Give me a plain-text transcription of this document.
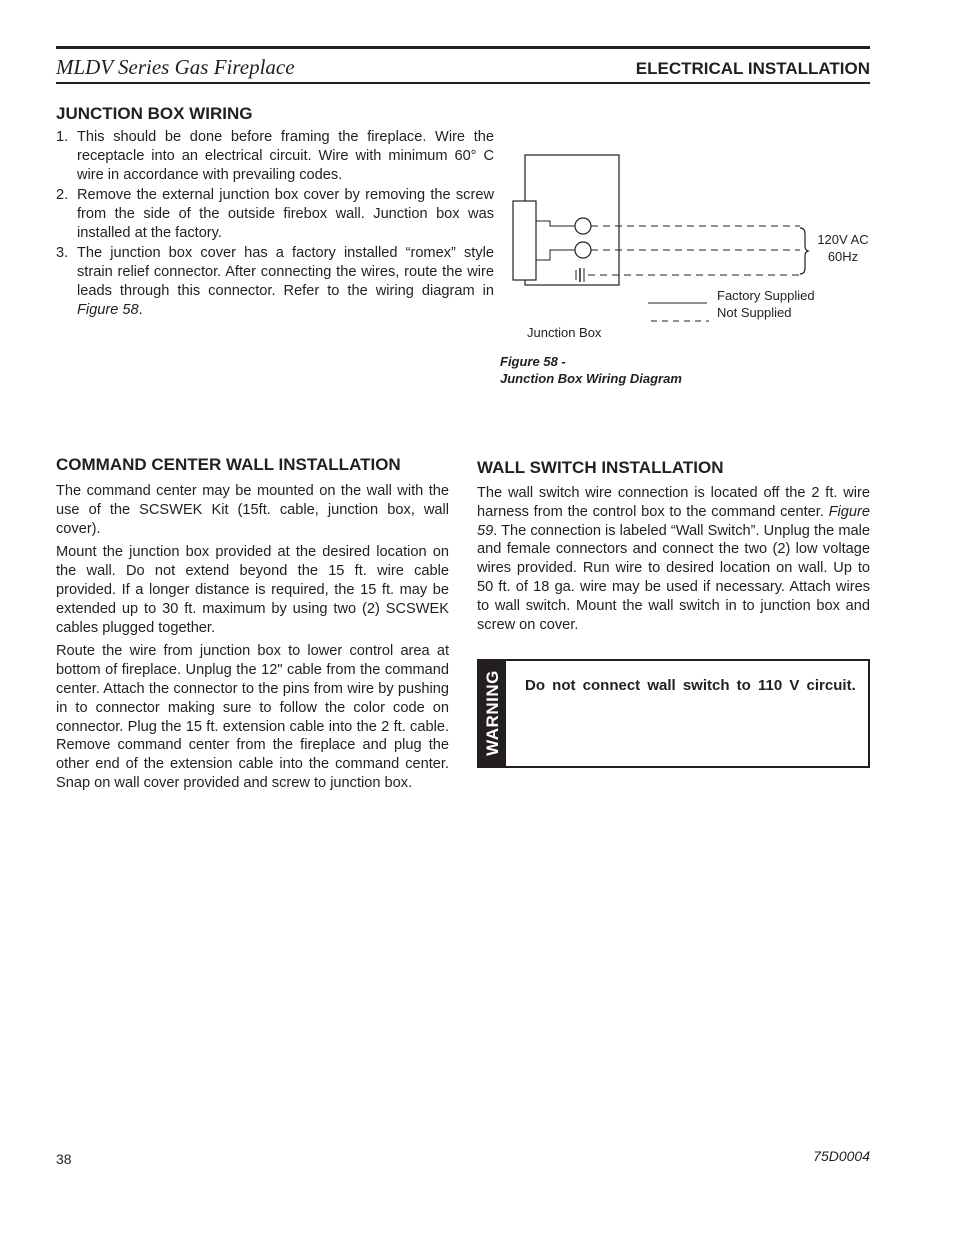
MLDV Series Gas Fireplace	ELECTRICAL INSTALLATION
JUNCTION BOX WIRING
1. This should be done before framing the fireplace. Wire the receptacle into an electrical circuit. Wire with minimum 60° C wire in accordance with prevailing codes.
2. Remove the external junction box cover by removing the screw from the side of the outside firebox wall. Junction box was installed at the factory.
3. The junction box cover has a factory installed “romex” style strain relief connector. After connecting the wires, route the wire leads through this connector. Refer to the wiring diagram in Figure 58.
120V AC
60Hz
Factory Supplied
Not Supplied
Junction Box
Figure 58 -
Junction Box Wiring Diagram
COMMAND CENTER WALL INSTALLATION

The command center may be mounted on the wall with the use of the SCSWEK Kit (15ft. cable, junction box, wall cover).

Mount the junction box provided at the desired location on the wall. Do not extend beyond the 15 ft. wire cable provided. If a longer distance is required, the 15 ft. may be extended up to 30 ft. maximum by using two (2) SCSWEK cables plugged together.

Route the wire from junction box to lower control area at bottom of fireplace. Unplug the 12" cable from the command center. Attach the connector to the pins from wire by pushing in to connector making sure to follow the color code on connector. Plug the 15 ft. extension cable into the 2 ft. cable. Remove command center from the fireplace and plug the other end of the extension cable into the command center. Snap on wall cover provided and screw to junction box.

WALL SWITCH INSTALLATION

The wall switch wire connection is located off the 2 ft. wire harness from the control box to the command center. Figure 59. The connection is labeled “Wall Switch”. Unplug the male and female connectors and connect the two (2) low voltage wires provided. Run wire to desired location on wall. Up to 50 ft. of 18 ga. wire may be used if necessary. Attach wires to wall switch. Mount the wall switch in to junction box and screw on cover.

WARNING Do not connect wall switch to 110 V circuit.
38	75D0004
